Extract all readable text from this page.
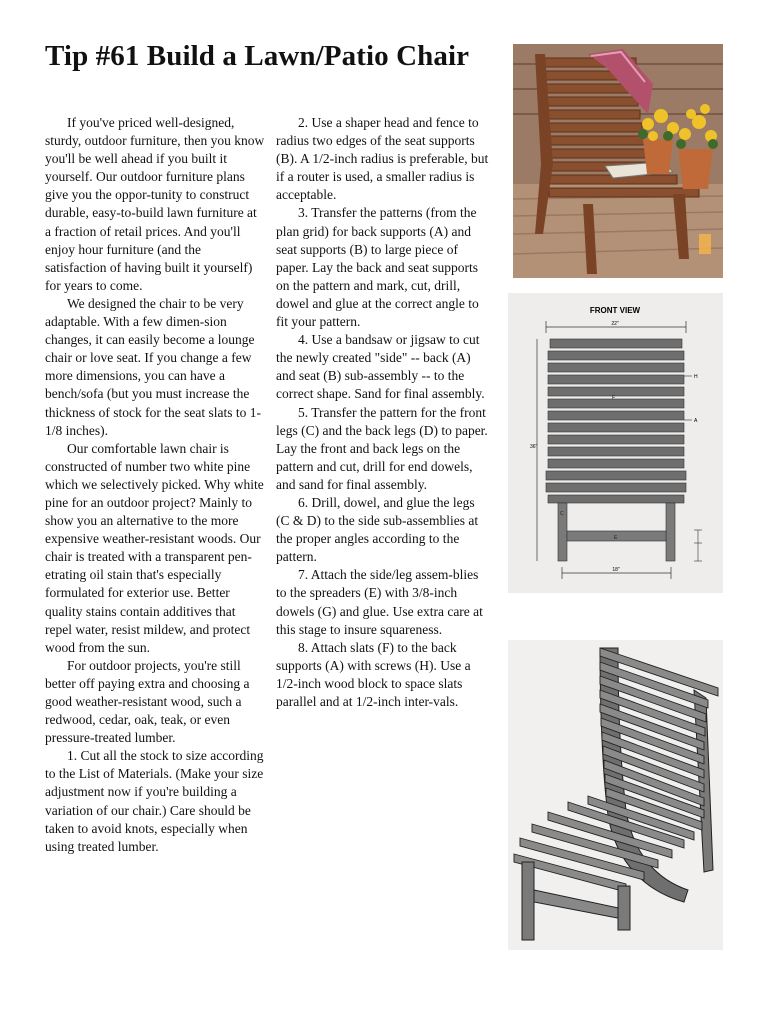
Tip #61 Build a Lawn/Patio Chair

If you've priced well-designed, sturdy, outdoor furniture, then you know you'll be well ahead if you built it yourself. Our outdoor furniture plans give you the oppor-tunity to construct durable, easy-to-build lawn furniture at a fraction of retail prices. And you'll enjoy hour furniture (and the satisfaction of having built it yourself) for years to come.

We designed the chair to be very adaptable. With a few dimen-sion changes, it can easily become a lounge chair or love seat. If you change a few more dimensions, you can have a bench/sofa (but you must increase the thickness of stock for the seat slats to 1-1/8 inches).

Our comfortable lawn chair is constructed of number two white pine which we selectively picked. Why white pine for an outdoor project? Mainly to show you an alternative to the more expensive weather-resistant woods. Our chair is treated with a transparent pen-etrating oil stain that's especially formulated for exterior use. Better quality stains contain additives that repel water, resist mildew, and protect wood from the sun.

For outdoor projects, you're still better off paying extra and choosing a good weather-resistant wood, such a redwood, cedar, oak, teak, or even pressure-treated lumber.

1. Cut all the stock to size according to the List of Materials. (Make your size adjustment now if you're building a variation of our chair.) Care should be taken to avoid knots, especially when using treated lumber.

2. Use a shaper head and fence to radius two edges of the seat supports (B). A 1/2-inch radius is preferable, but if a router is used, a smaller radius is acceptable.

3. Transfer the patterns (from the plan grid) for back supports (A) and seat supports (B) to large piece of paper. Lay the back and seat supports on the pattern and mark, cut, drill, dowel and glue at the correct angle to fit your pattern.

4. Use a bandsaw or jigsaw to cut the newly created "side" -- back (A) and seat (B) sub-assembly -- to the correct shape. Sand for final assembly.

5. Transfer the pattern for the front legs (C) and the back legs (D) to paper. Lay the front and back legs on the pattern and cut, drill for end dowels, and sand for final assembly.

6. Drill, dowel, and glue the legs (C & D) to the side sub-assemblies at the proper angles according to the pattern.

7. Attach the side/leg assem-blies to the spreaders (E) with 3/8-inch dowels (G) and glue. Use extra care at this stage to insure squareness.

8. Attach slats (F) to the back supports (A) with screws (H). Use a 1/2-inch wood block to space slats parallel and at 1/2-inch inter-vals.

FRONT VIEW
22"
36"
H
A
F
C
E
18"
